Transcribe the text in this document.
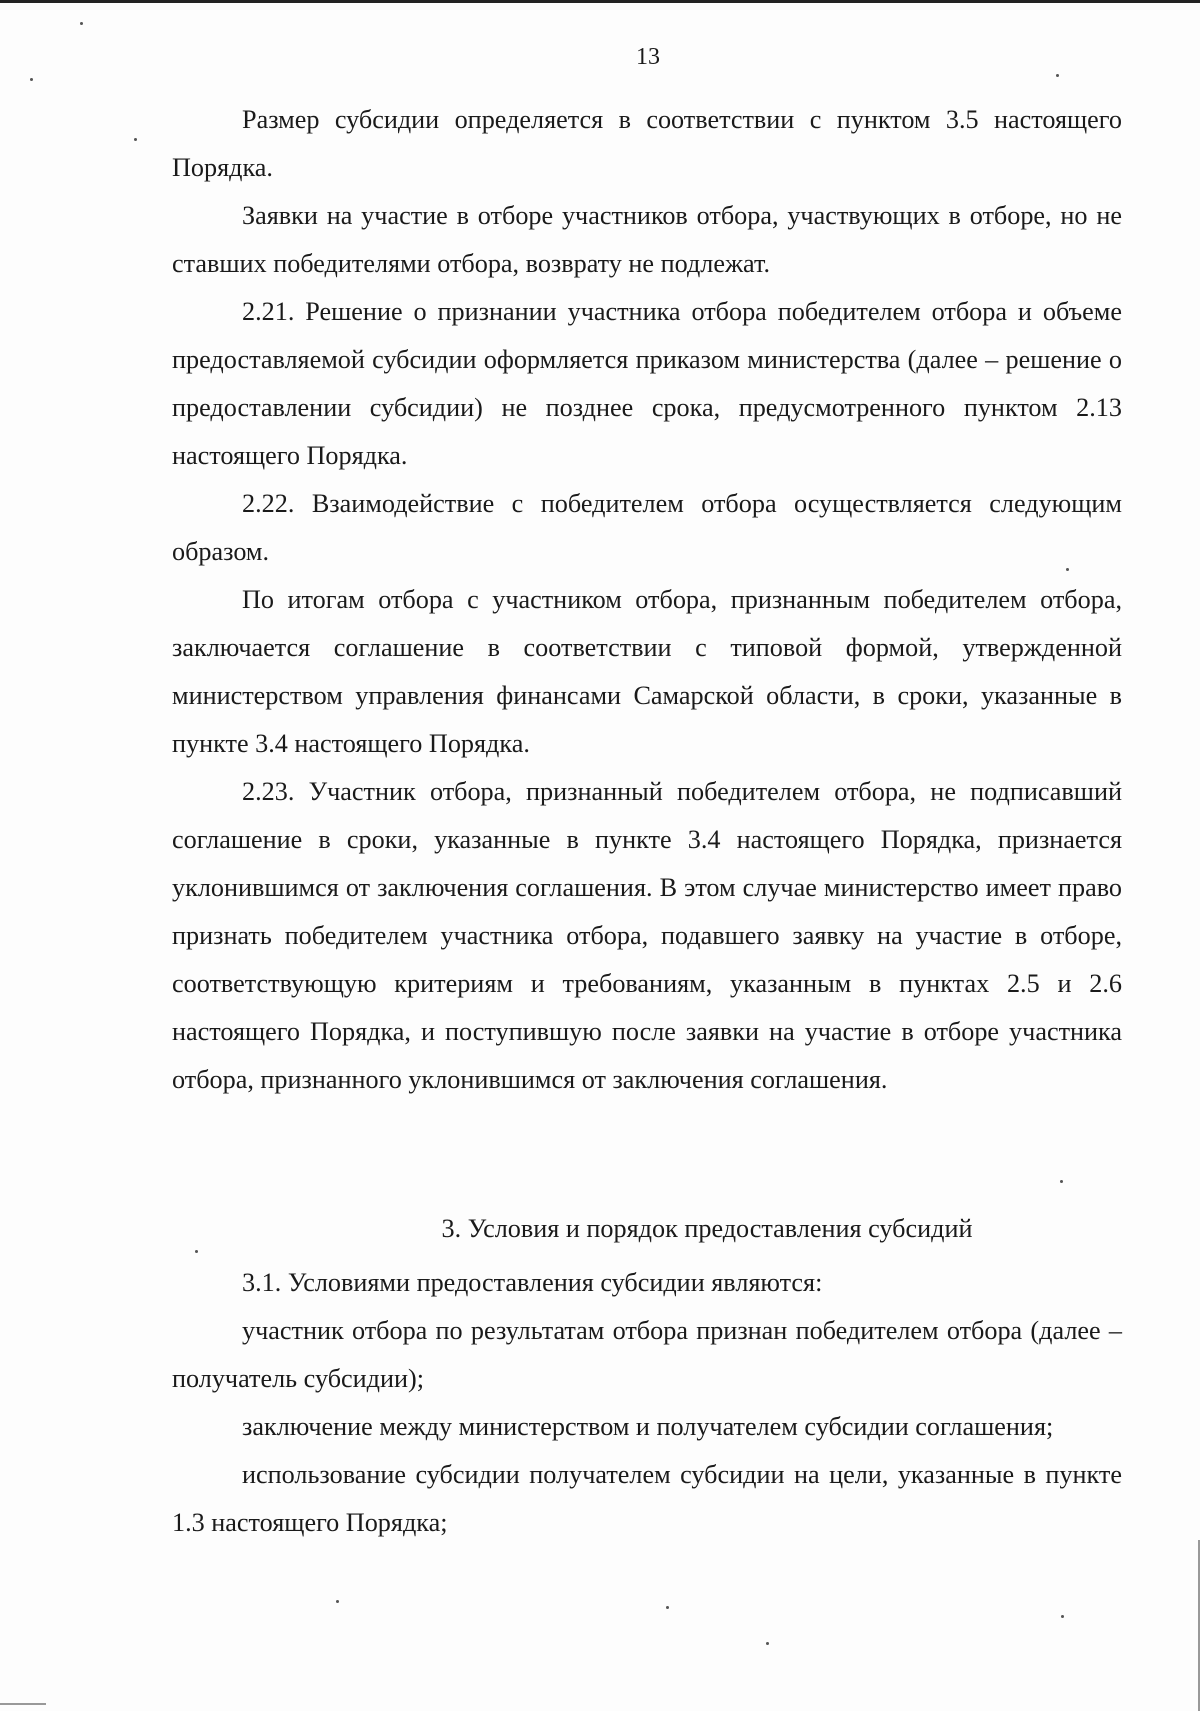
13

Размер субсидии определяется в соответствии с пунктом 3.5 настоящего Порядка.

Заявки на участие в отборе участников отбора, участвующих в отборе, но не ставших победителями отбора, возврату не подлежат.

2.21. Решение о признании участника отбора победителем отбора и объеме предоставляемой субсидии оформляется приказом министерства (далее – решение о предоставлении субсидии) не позднее срока, предусмотренного пунктом 2.13 настоящего Порядка.

2.22. Взаимодействие с победителем отбора осуществляется следующим образом.

По итогам отбора с участником отбора, признанным победителем отбора, заключается соглашение в соответствии с типовой формой, утвержденной министерством управления финансами Самарской области, в сроки, указанные в пункте 3.4 настоящего Порядка.

2.23. Участник отбора, признанный победителем отбора, не подписавший соглашение в сроки, указанные в пункте 3.4 настоящего Порядка, признается уклонившимся от заключения соглашения. В этом случае министерство имеет право признать победителем участника отбора, подавшего заявку на участие в отборе, соответствующую критериям и требованиям, указанным в пунктах 2.5 и 2.6 настоящего Порядка, и поступившую после заявки на участие в отборе участника отбора, признанного уклонившимся от заключения соглашения.

3. Условия и порядок предоставления субсидий

3.1. Условиями предоставления субсидии являются:

участник отбора по результатам отбора признан победителем отбора (далее – получатель субсидии);

заключение между министерством и получателем субсидии соглашения;

использование субсидии получателем субсидии на цели, указанные в пункте 1.3 настоящего Порядка;
